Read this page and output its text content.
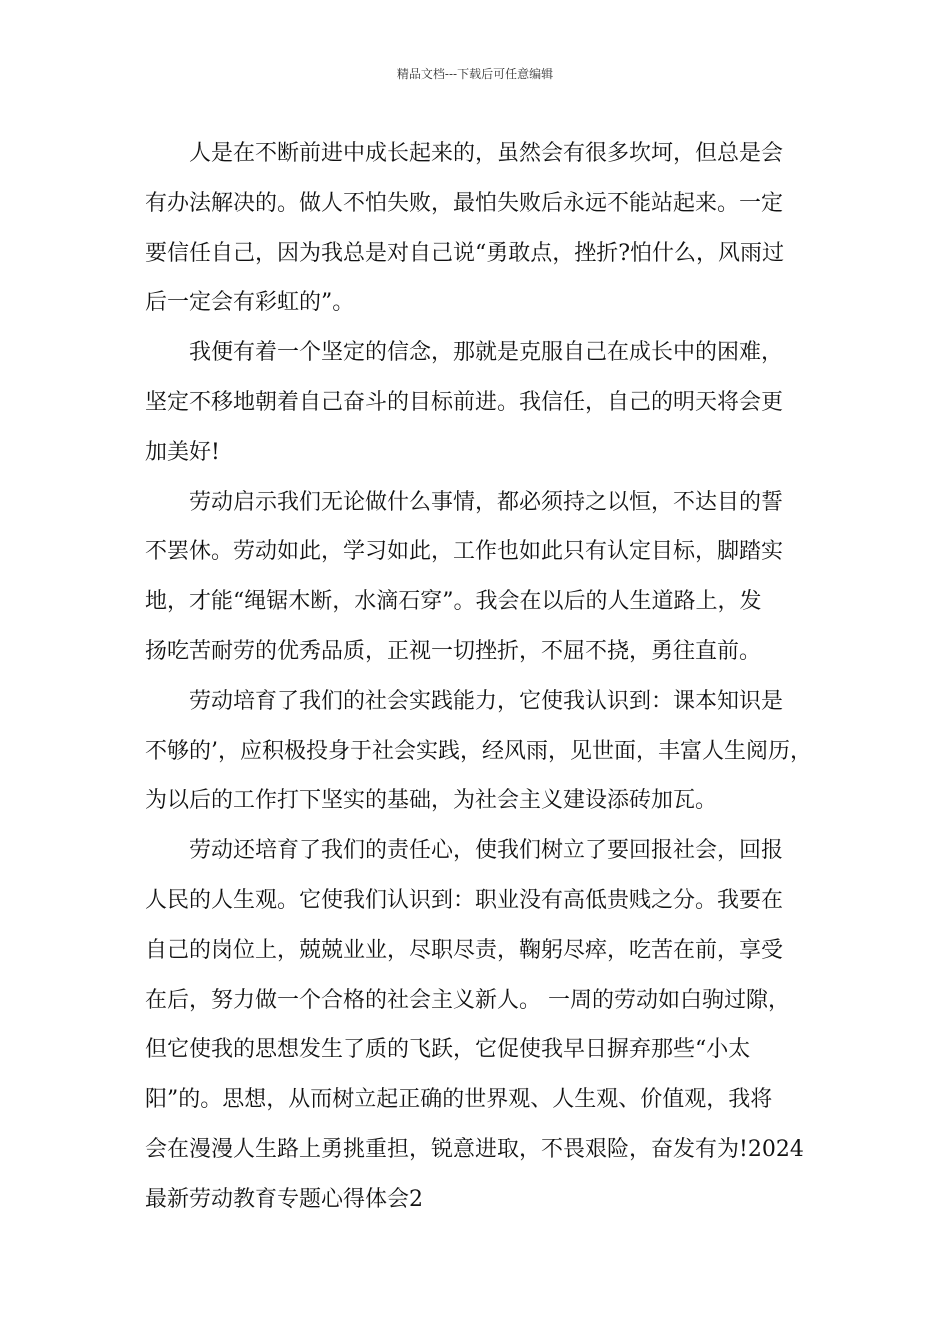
精品文档---下载后可任意编辑

人是在不断前进中成长起来的，虽然会有很多坎坷，但总是会
有办法解决的。做人不怕失败，最怕失败后永远不能站起来。一定
要信任自己，因为我总是对自己说“勇敢点，挫折?怕什么，风雨过
后一定会有彩虹的”。

我便有着一个坚定的信念，那就是克服自己在成长中的困难，
坚定不移地朝着自己奋斗的目标前进。我信任，自己的明天将会更
加美好!

劳动启示我们无论做什么事情，都必须持之以恒，不达目的誓
不罢休。劳动如此，学习如此，工作也如此只有认定目标，脚踏实
地，才能“绳锯木断，水滴石穿”。我会在以后的人生道路上，发
扬吃苦耐劳的优秀品质，正视一切挫折，不屈不挠，勇往直前。

劳动培育了我们的社会实践能力，它使我认识到：课本知识是
不够的’，应积极投身于社会实践，经风雨，见世面，丰富人生阅历，
为以后的工作打下坚实的基础，为社会主义建设添砖加瓦。

劳动还培育了我们的责任心，使我们树立了要回报社会，回报
人民的人生观。它使我们认识到：职业没有高低贵贱之分。我要在
自己的岗位上，兢兢业业，尽职尽责，鞠躬尽瘁，吃苦在前，享受
在后，努力做一个合格的社会主义新人。 一周的劳动如白驹过隙，
但它使我的思想发生了质的飞跃，它促使我早日摒弃那些“小太
阳”的。思想，从而树立起正确的世界观、人生观、价值观，我将
会在漫漫人生路上勇挑重担，锐意进取，不畏艰险，奋发有为!2024
最新劳动教育专题心得体会2
